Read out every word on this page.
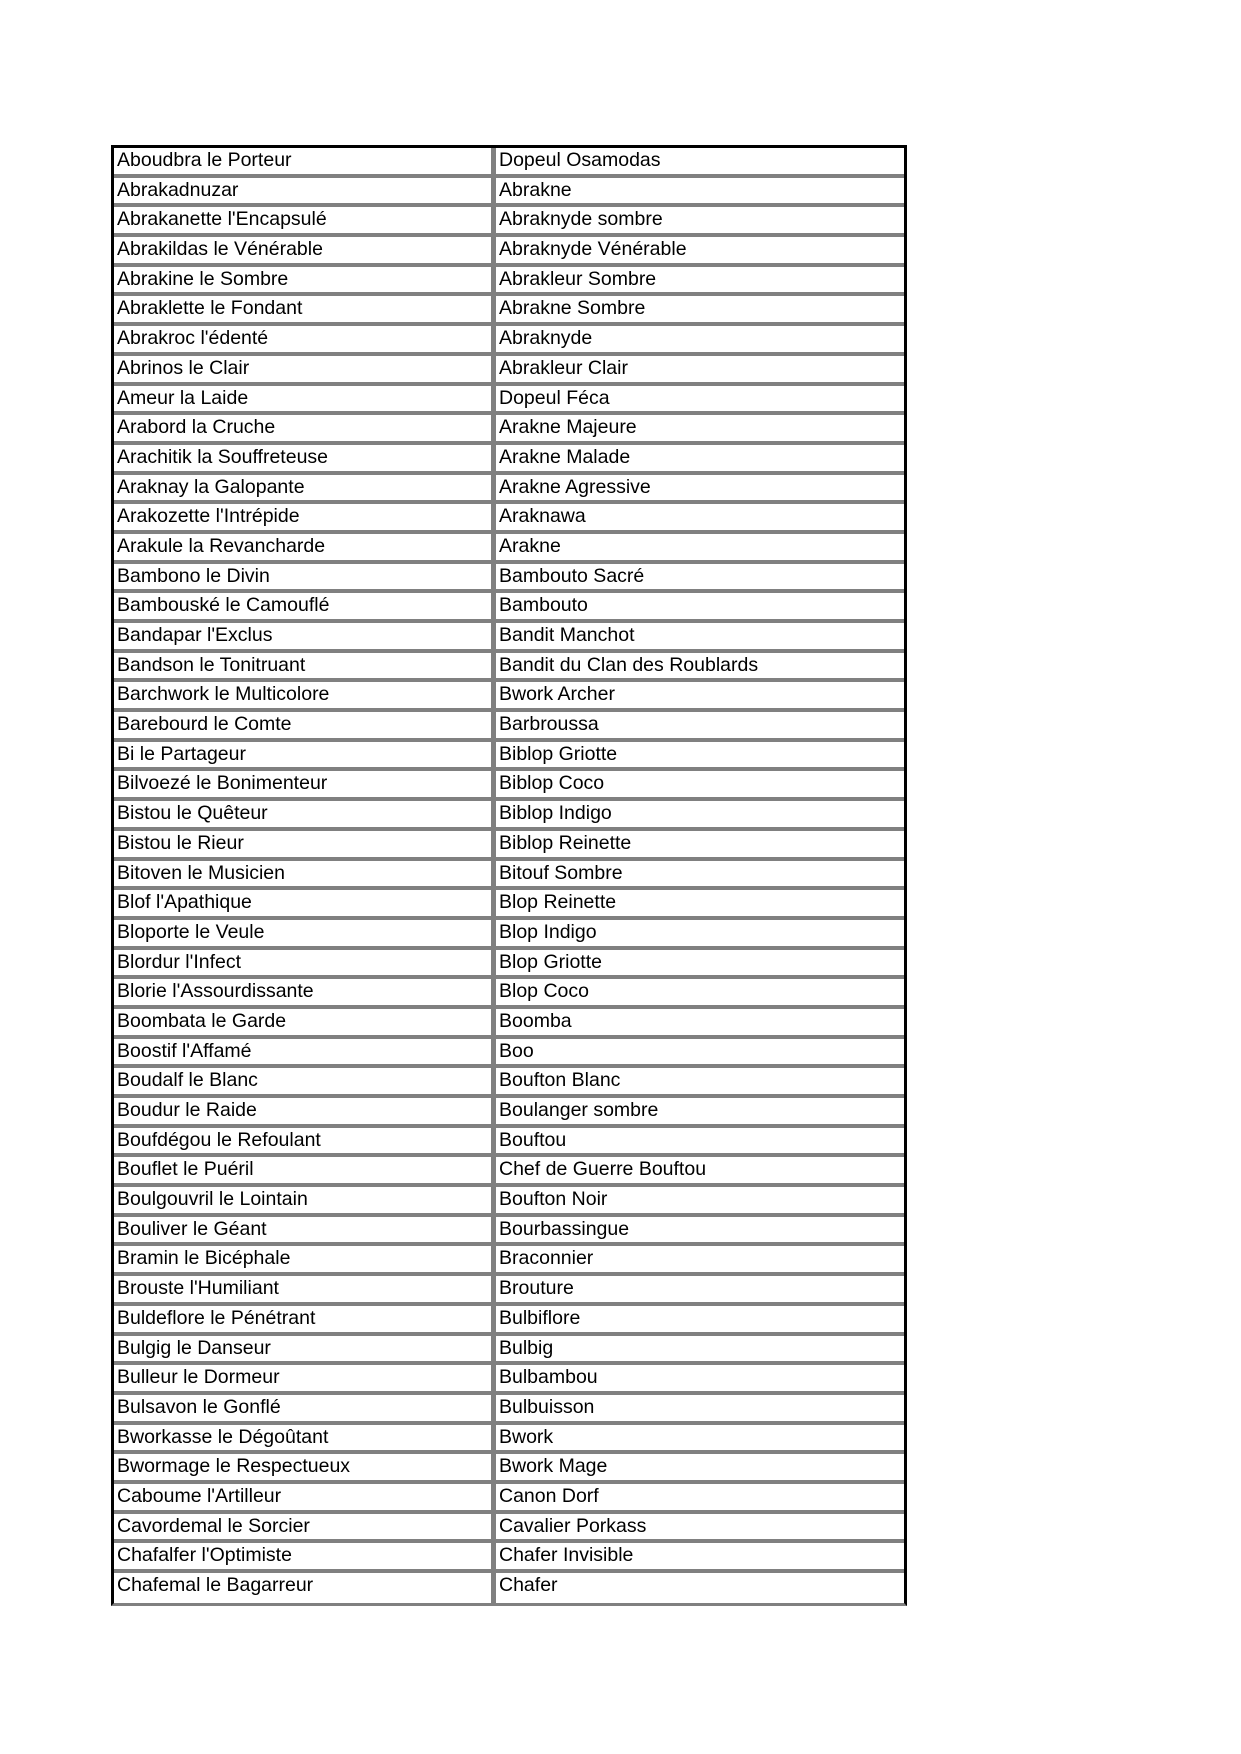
Aboudbra le Porteur	Dopeul Osamodas
Abrakadnuzar	Abrakne
Abrakanette l'Encapsulé	Abraknyde sombre
Abrakildas le Vénérable	Abraknyde Vénérable
Abrakine le Sombre	Abrakleur Sombre
Abraklette le Fondant	Abrakne Sombre
Abrakroc l'édenté	Abraknyde
Abrinos le Clair	Abrakleur Clair
Ameur la Laide	Dopeul Féca
Arabord la Cruche	Arakne Majeure
Arachitik la Souffreteuse	Arakne Malade
Araknay la Galopante	Arakne Agressive
Arakozette l'Intrépide	Araknawa
Arakule la Revancharde	Arakne
Bambono le Divin	Bambouto Sacré
Bambouské le Camouflé	Bambouto
Bandapar l'Exclus	Bandit Manchot
Bandson le Tonitruant	Bandit du Clan des Roublards
Barchwork le Multicolore	Bwork Archer
Barebourd le Comte	Barbroussa
Bi le Partageur	Biblop Griotte
Bilvoezé le Bonimenteur	Biblop Coco
Bistou le Quêteur	Biblop Indigo
Bistou le Rieur	Biblop Reinette
Bitoven le Musicien	Bitouf Sombre
Blof l'Apathique	Blop Reinette
Bloporte le Veule	Blop Indigo
Blordur l'Infect	Blop Griotte
Blorie l'Assourdissante	Blop Coco
Boombata le Garde	Boomba
Boostif l'Affamé	Boo
Boudalf le Blanc	Boufton Blanc
Boudur le Raide	Boulanger sombre
Boufdégou le Refoulant	Bouftou
Bouflet le Puéril	Chef de Guerre Bouftou
Boulgouvril le Lointain	Boufton Noir
Bouliver le Géant	Bourbassingue
Bramin le Bicéphale	Braconnier
Brouste l'Humiliant	Brouture
Buldeflore le Pénétrant	Bulbiflore
Bulgig le Danseur	Bulbig
Bulleur le Dormeur	Bulbambou
Bulsavon le Gonflé	Bulbuisson
Bworkasse le Dégoûtant	Bwork
Bwormage le Respectueux	Bwork Mage
Caboume l'Artilleur	Canon Dorf
Cavordemal le Sorcier	Cavalier Porkass
Chafalfer l'Optimiste	Chafer Invisible
Chafemal le Bagarreur	Chafer
